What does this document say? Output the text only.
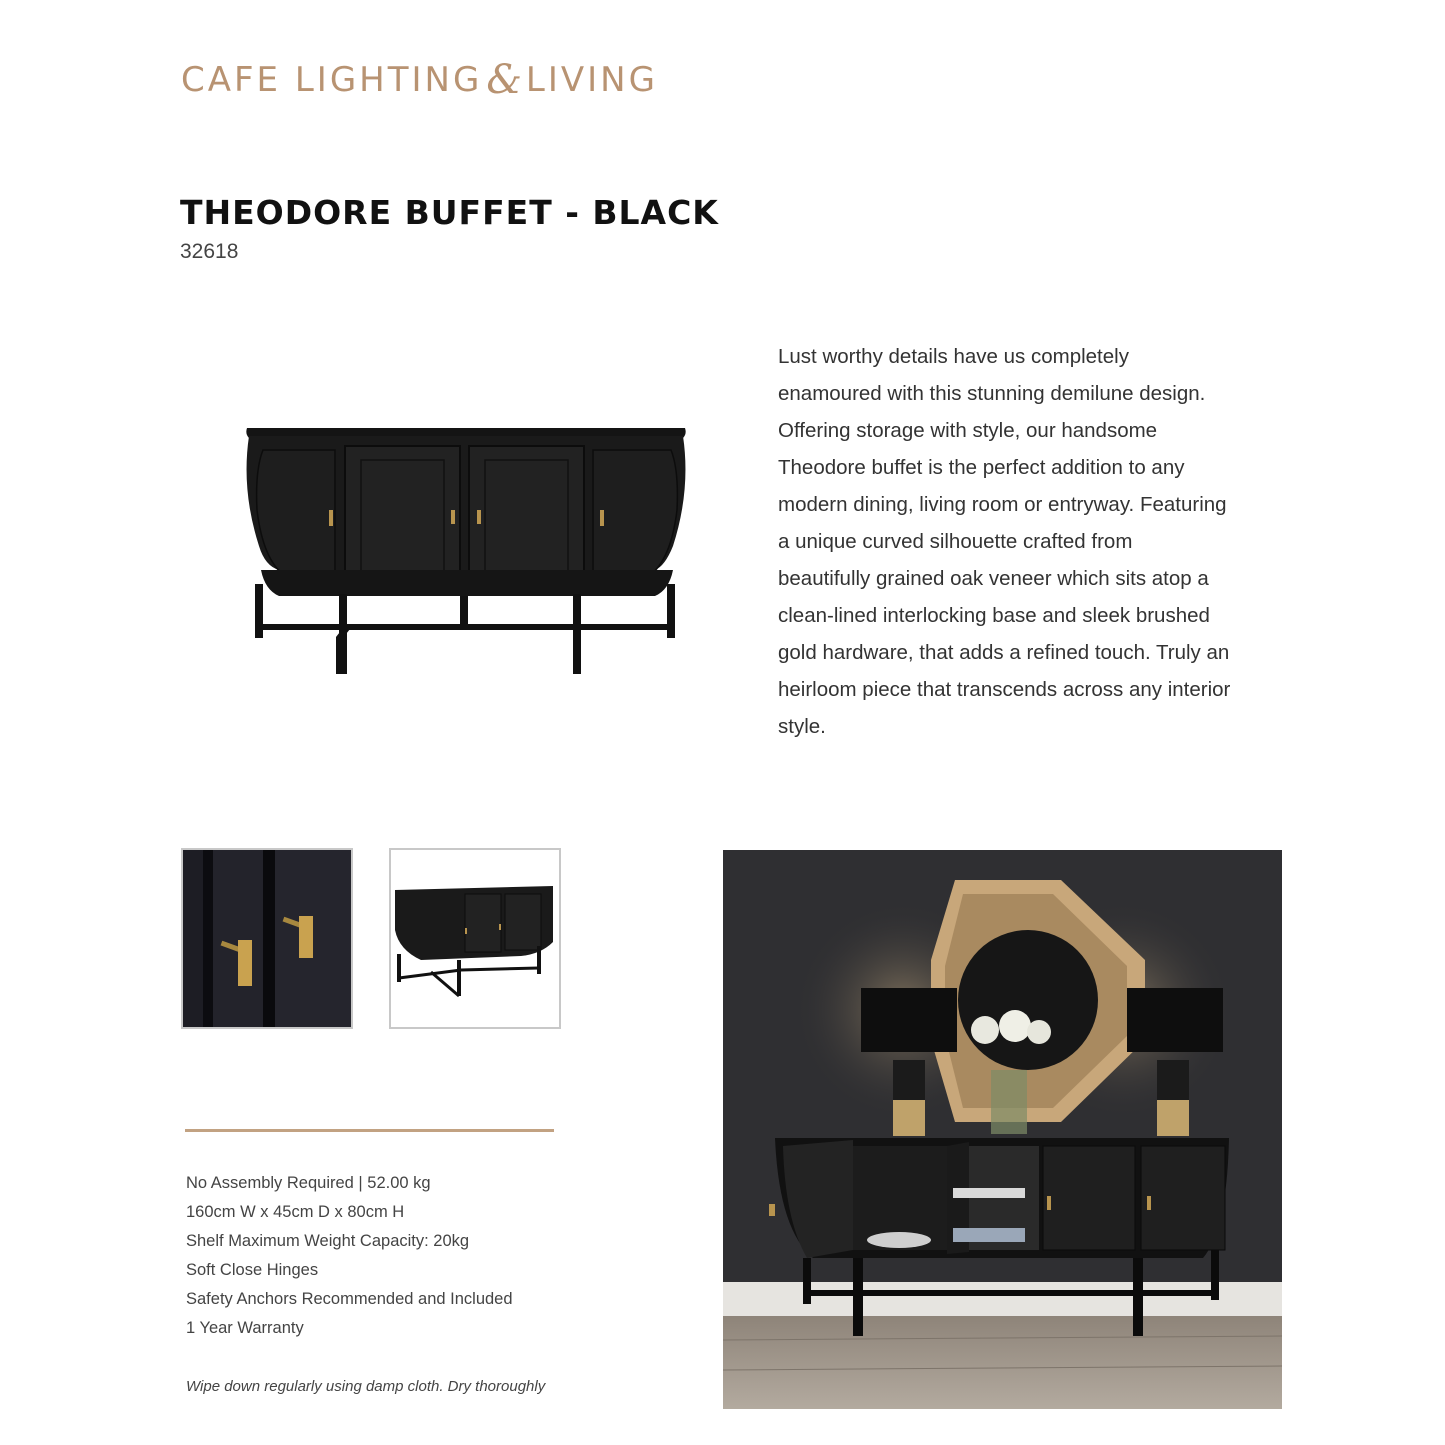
CAFE LIGHTING & LIVING
THEODORE BUFFET - BLACK
32618
Lust worthy details have us completely
enamoured with this stunning demilune design.
Offering storage with style, our handsome
Theodore buffet is the perfect addition to any
modern dining, living room or entryway. Featuring
a unique curved silhouette crafted from
beautifully grained oak veneer which sits atop a
clean-lined interlocking base and sleek brushed
gold hardware, that adds a refined touch. Truly an
heirloom piece that transcends across any interior
style.
No Assembly Required | 52.00 kg
160cm W x 45cm D x 80cm H
Shelf Maximum Weight Capacity: 20kg
Soft Close Hinges
Safety Anchors Recommended and Included
1 Year Warranty
Wipe down regularly using damp cloth. Dry thoroughly
